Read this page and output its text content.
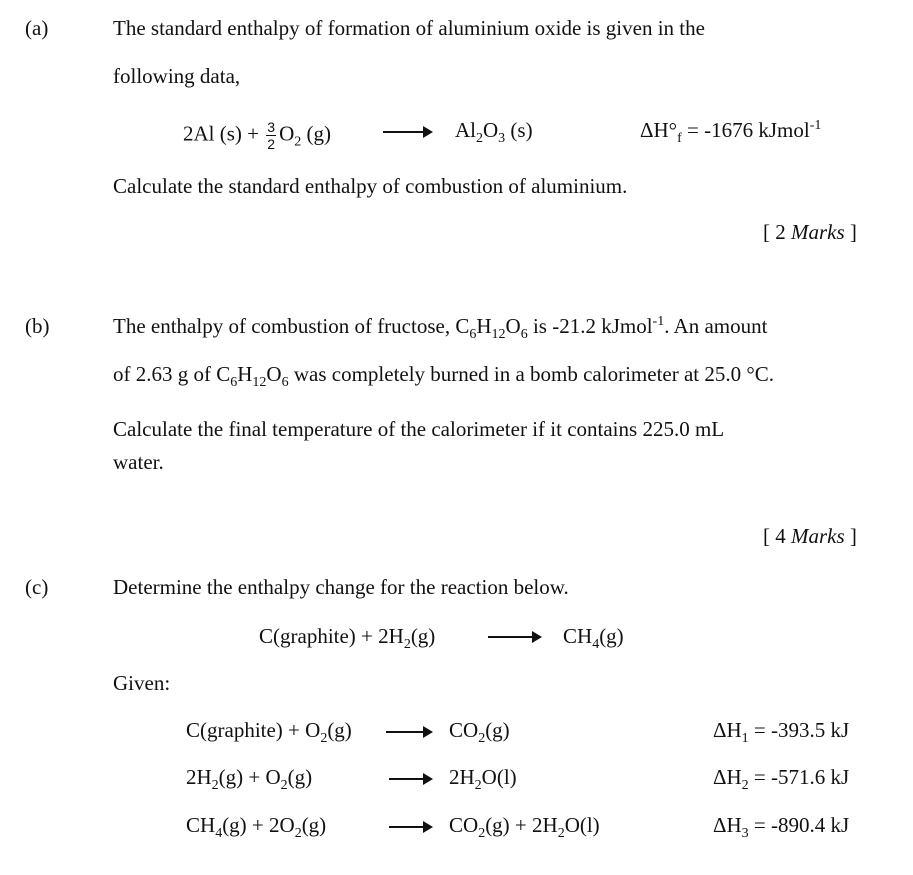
(a)	The standard enthalpy of formation of aluminium oxide is given in the
following data,
2Al $(s) + \frac{3}{2} O_2$ $(g) \to Al_2O_3$ (s)	$\Delta H^\circ_f = -1676$ kJmol$^{-1}$
Calculate the standard enthalpy of combustion of aluminium.
[ 2 Marks ]
(b)	The enthalpy of combustion of fructose, $C_6H_{12}O_6$ is -21.2 kJmol$^{-1}$. An amount
of 2.63 g of $C_6H_{12}O_6$ was completely burned in a bomb calorimeter at 25.0 °C.
Calculate the final temperature of the calorimeter if it contains 225.0 mL
water.
[ 4 Marks ]
(c)	Determine the enthalpy change for the reaction below.
C(graphite) + $2H_2(g)$	$CH_4(g)$
Given:
C(graphite) + $O_2(g)$	$CO_2(g)$	$\Delta H_1 = -393.5$ kJ
$2H_2(g) + O_2(g)$	$2H_2O(l)$	$\Delta H_2 = -571.6$ kJ
$CH_4(g) + 2O_2(g)$	$CO_2(g) + 2H_2O(l)$	$\Delta H_3 = -890.4$ kJ
